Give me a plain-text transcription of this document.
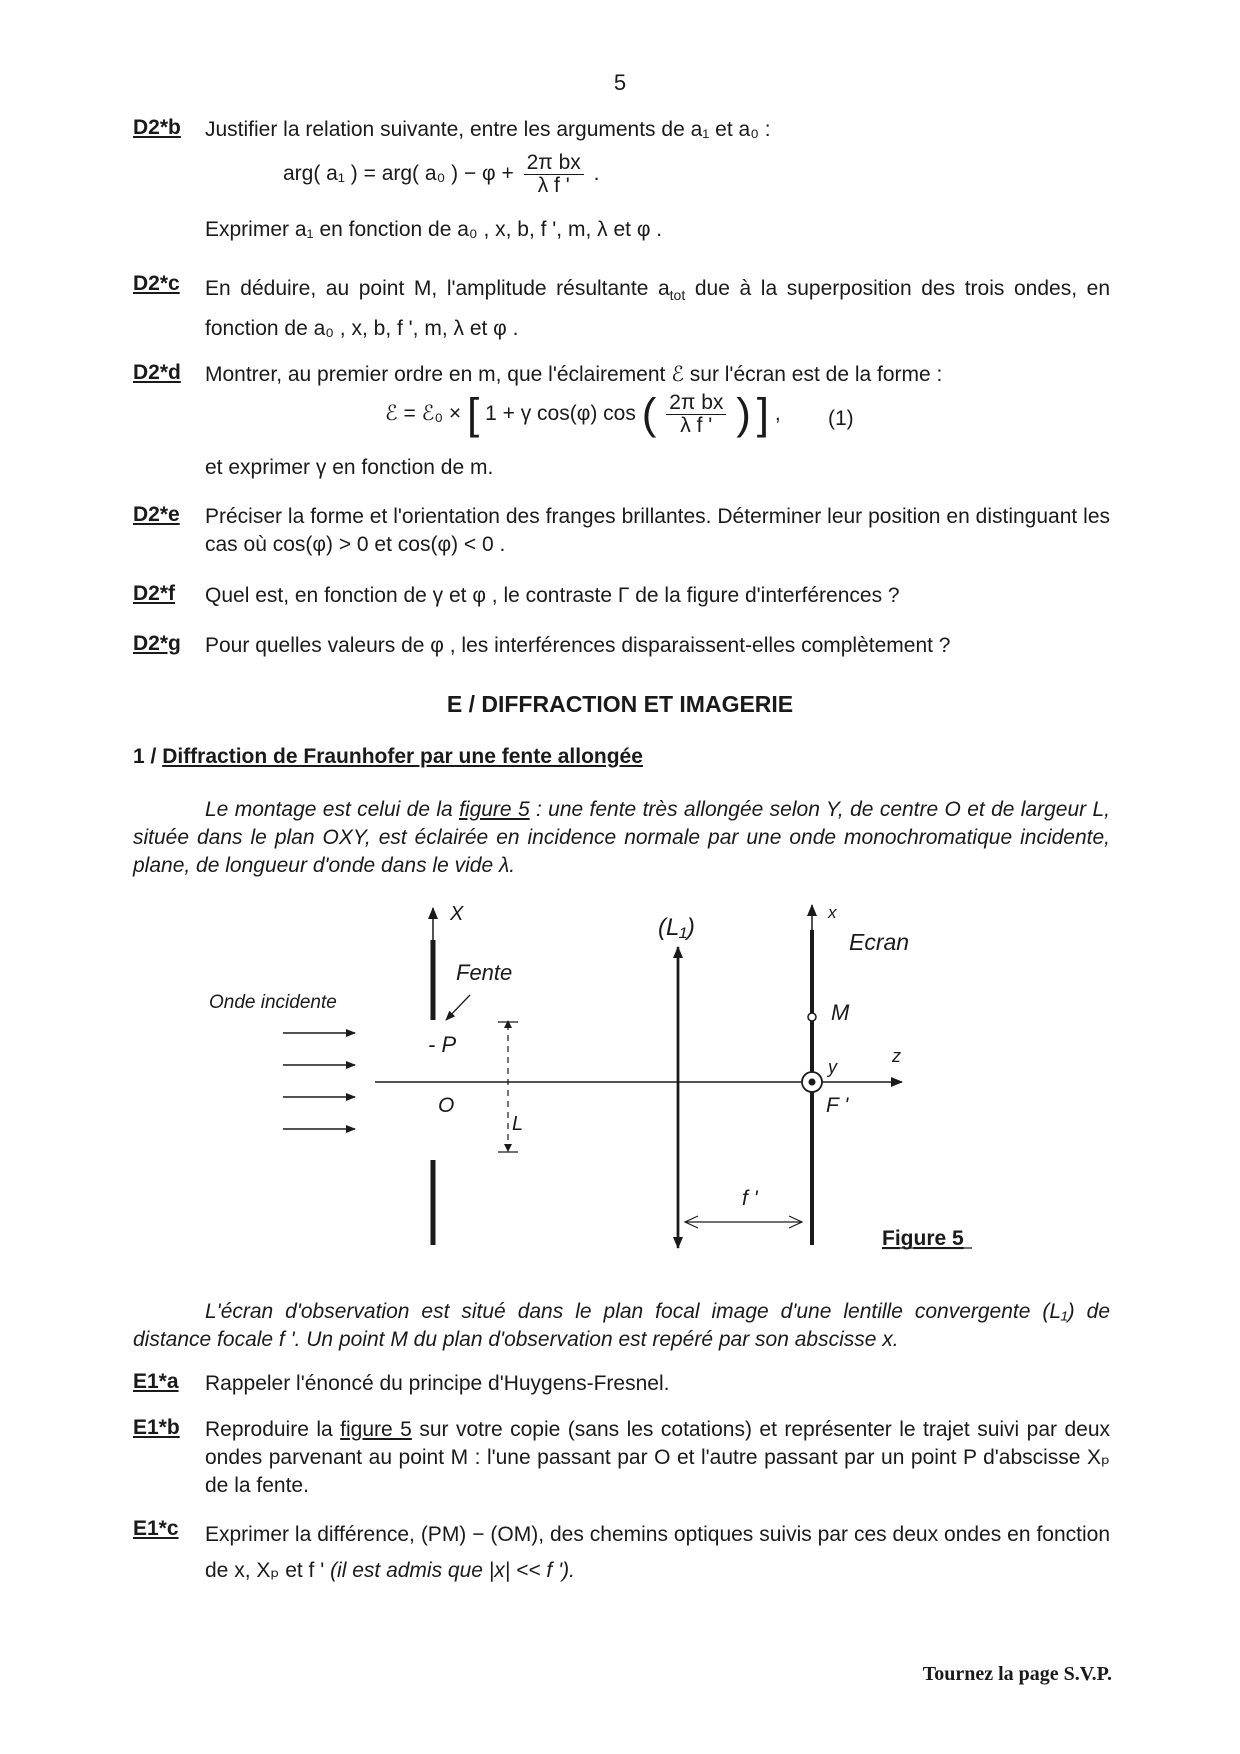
5
D2*b Justifier la relation suivante, entre les arguments de a₁ et a₀ :
arg( a₁ ) = arg( a₀ ) − $\varphi + \frac{\text{2π bx}}{\text{λ f '}}$ .
Exprimer a₁ en fonction de a₀ , x, b, f ', m, λ et φ .
D2*c En déduire, au point M, l'amplitude résultante $a_{tot}$ due à la superposition des trois ondes, en fonction de a₀ , x, b, f ', m, λ et φ .
D2*d Montrer, au premier ordre en m, que l'éclairement ℰ sur l'écran est de la forme :
ℰ = ℰ₀ × [ 1 + γ cos(φ) cos ( $\frac{\text{2π bx}}{\text{λ f '}}$ ) ] , (1)
et exprimer γ en fonction de m.
D2*e Préciser la forme et l'orientation des franges brillantes. Déterminer leur position en distinguant les cas où cos(φ) > 0 et cos(φ) < 0 .
D2*f Quel est, en fonction de γ et φ , le contraste Γ de la figure d'interférences ?
D2*g Pour quelles valeurs de φ , les interférences disparaissent-elles complètement ?
E / DIFFRACTION ET IMAGERIE
1 / Diffraction de Fraunhofer par une fente allongée
Le montage est celui de la figure 5 : une fente très allongée selon Y, de centre O et de largeur L, située dans le plan OXY, est éclairée en incidence normale par une onde monochromatique incidente, plane, de longueur d'onde dans le vide λ.
Onde incidente
X
Fente
- P
O
L
(L₁)
x
Ecran
M
y
z
F '
f '
Figure 5
L'écran d'observation est situé dans le plan focal image d'une lentille convergente (L₁) de distance focale f '. Un point M du plan d'observation est repéré par son abscisse x.
E1*a Rappeler l'énoncé du principe d'Huygens-Fresnel.
E1*b Reproduire la figure 5 sur votre copie (sans les cotations) et représenter le trajet suivi par deux ondes parvenant au point M : l'une passant par O et l'autre passant par un point P d'abscisse Xₚ de la fente.
E1*c Exprimer la différence, (PM) − (OM), des chemins optiques suivis par ces deux ondes en fonction de x, Xₚ et f ' (il est admis que |x| << f ').
Tournez la page S.V.P.
